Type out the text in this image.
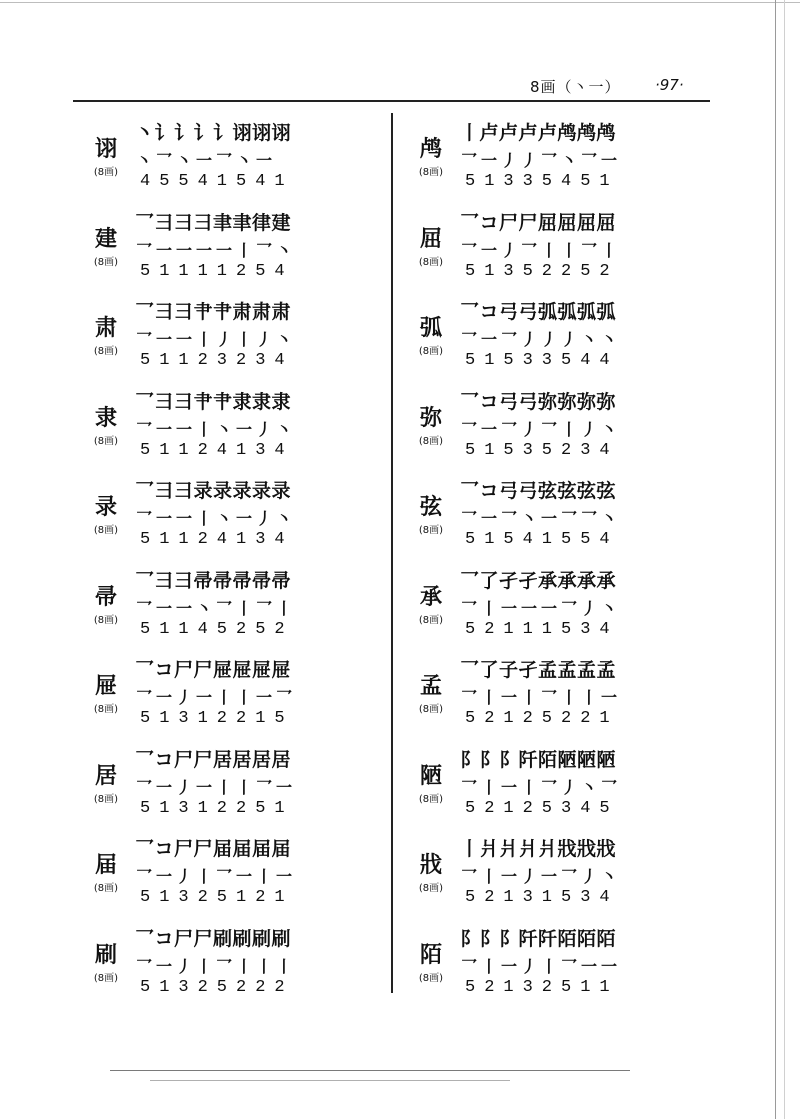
8画（丶一） ·97·
诩
(8画)
丶讠讠讠讠诩诩诩
丶乛丶一乛丶一
45541541
建
(8画)
乛彐彐彐聿聿律建
乛一一一一丨乛丶
51111254
肃
(8画)
乛彐彐肀肀肃肃肃
乛一一丨丿丨丿丶
51123234
隶
(8画)
乛彐彐肀肀隶隶隶
乛一一丨丶一丿丶
51124134
录
(8画)
乛彐彐录录录录录
乛一一丨丶一丿丶
51124134
帚
(8画)
乛彐彐帚帚帚帚帚
乛一一丶乛丨乛丨
51145252
屉
(8画)
乛コ尸尸屉屉屉屉
乛一丿一丨丨一乛
51312215
居
(8画)
乛コ尸尸居居居居
乛一丿一丨丨乛一
51312251
届
(8画)
乛コ尸尸届届届届
乛一丿丨乛一丨一
51325121
刷
(8画)
乛コ尸尸刷刷刷刷
乛一丿丨乛丨丨丨
51325222
鸬
(8画)
丨卢卢卢卢鸬鸬鸬
乛一丿丿乛丶乛一
51335451
屈
(8画)
乛コ尸尸屈屈屈屈
乛一丿乛丨丨乛丨
51352252
弧
(8画)
乛コ弓弓弧弧弧弧
乛一乛丿丿丿丶丶
51533544
弥
(8画)
乛コ弓弓弥弥弥弥
乛一乛丿乛丨丿丶
51535234
弦
(8画)
乛コ弓弓弦弦弦弦
乛一乛丶一乛乛丶
51541554
承
(8画)
乛了孑孑承承承承
乛丨一一一乛丿丶
52111534
孟
(8画)
乛了子孑孟孟孟孟
乛丨一丨乛丨丨一
52125221
陋
(8画)
阝阝阝阡陌陋陋陋
乛丨一丨乛丿丶乛
52125345
戕
(8画)
丨爿爿爿爿戕戕戕
乛丨一丿一乛丿丶
52131534
陌
(8画)
阝阝阝阡阡陌陌陌
乛丨一丿丨乛一一
52132511
